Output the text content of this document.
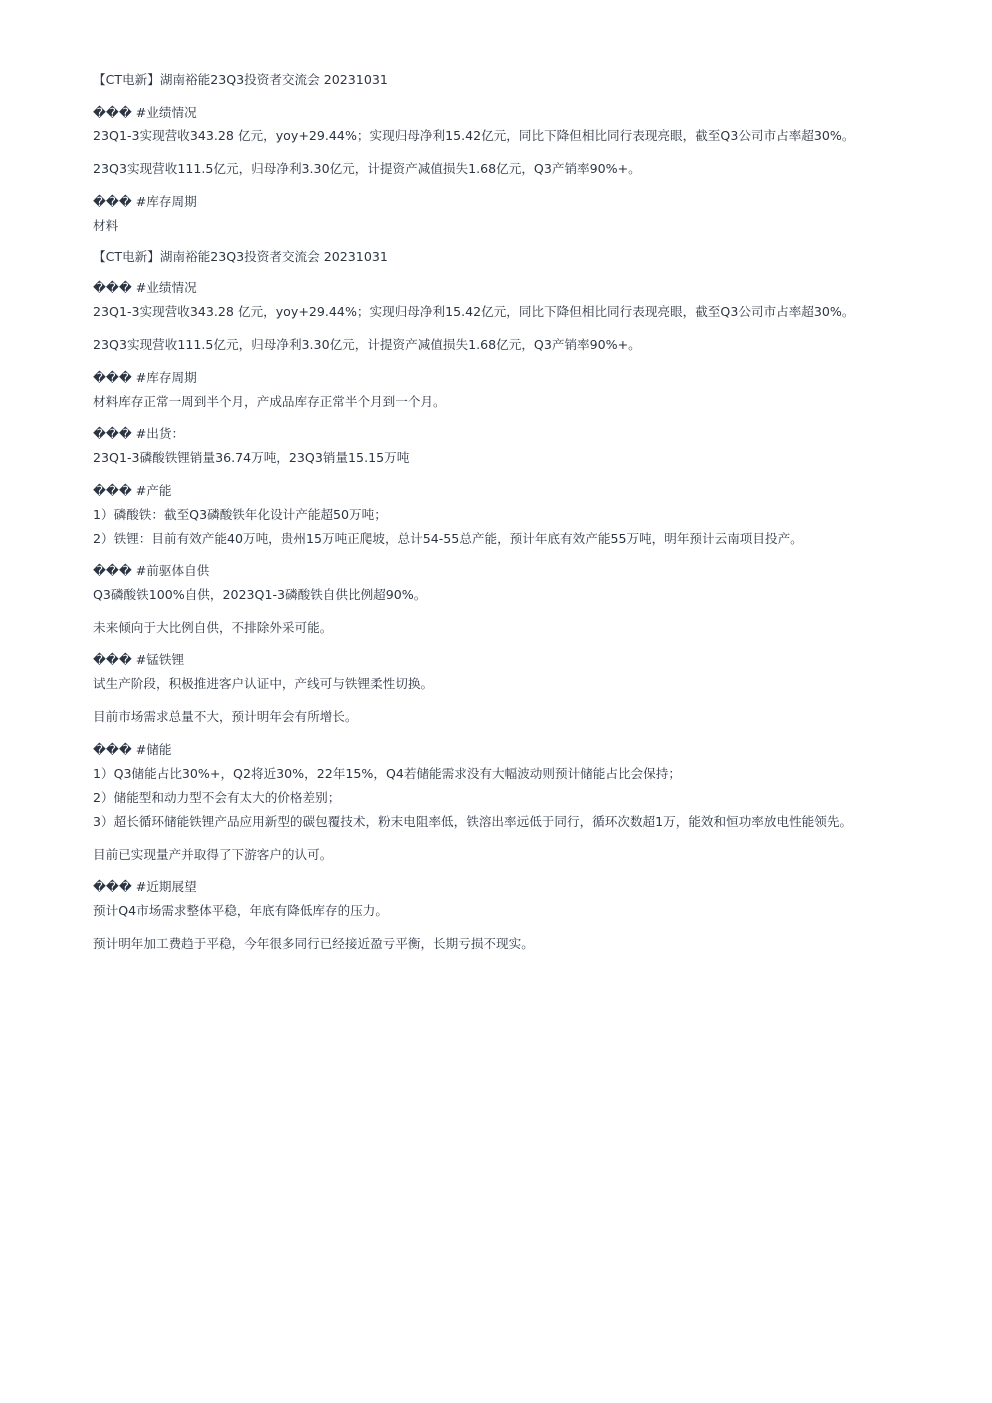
【CT电新】湖南裕能23Q3投资者交流会 20231031
��� #业绩情况
23Q1-3实现营收343.28 亿元，yoy+29.44%；实现归母净利15.42亿元，同比下降但相比同行表现亮眼，截至Q3公司市占率超30%。
23Q3实现营收111.5亿元，归母净利3.30亿元，计提资产减值损失1.68亿元，Q3产销率90%+。
��� #库存周期
材料
【CT电新】湖南裕能23Q3投资者交流会 20231031
��� #业绩情况
23Q1-3实现营收343.28 亿元，yoy+29.44%；实现归母净利15.42亿元，同比下降但相比同行表现亮眼，截至Q3公司市占率超30%。
23Q3实现营收111.5亿元，归母净利3.30亿元，计提资产减值损失1.68亿元，Q3产销率90%+。
��� #库存周期
材料库存正常一周到半个月，产成品库存正常半个月到一个月。
��� #出货：
23Q1-3磷酸铁锂销量36.74万吨，23Q3销量15.15万吨
��� #产能
1）磷酸铁：截至Q3磷酸铁年化设计产能超50万吨；
2）铁锂：目前有效产能40万吨，贵州15万吨正爬坡，总计54-55总产能，预计年底有效产能55万吨，明年预计云南项目投产。
��� #前驱体自供
Q3磷酸铁100%自供，2023Q1-3磷酸铁自供比例超90%。
未来倾向于大比例自供，不排除外采可能。
��� #锰铁锂
试生产阶段，积极推进客户认证中，产线可与铁锂柔性切换。
目前市场需求总量不大，预计明年会有所增长。
��� #储能
1）Q3储能占比30%+，Q2将近30%，22年15%，Q4若储能需求没有大幅波动则预计储能占比会保持；
2）储能型和动力型不会有太大的价格差别；
3）超长循环储能铁锂产品应用新型的碳包覆技术，粉末电阻率低，铁溶出率远低于同行，循环次数超1万，能效和恒功率放电性能领先。
目前已实现量产并取得了下游客户的认可。
��� #近期展望
预计Q4市场需求整体平稳，年底有降低库存的压力。
预计明年加工费趋于平稳，今年很多同行已经接近盈亏平衡，长期亏损不现实。
